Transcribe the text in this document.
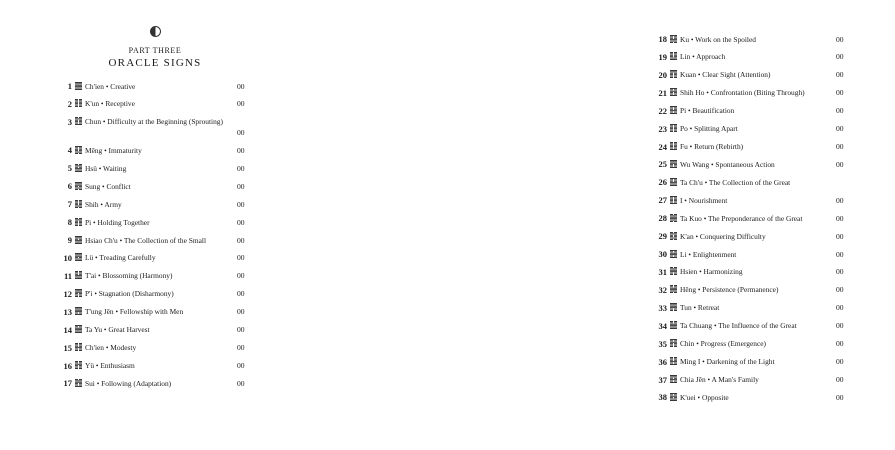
PART THREE
ORACLE SIGNS
1 Ch'ien • Creative	00
2 K'un • Receptive	00
3 Chun • Difficulty at the Beginning (Sprouting)
00
4 Mêng • Immaturity	00
5 Hsü • Waiting	00
6 Sung • Conflict	00
7 Shih • Army	00
8 Pi • Holding Together	00
9 Hsiao Ch'u • The Collection of the Small	00
10 Lü • Treading Carefully	00
11 T'ai • Blossoming (Harmony)	00
12 P'i • Stagnation (Disharmony)	00
13 T'ung Jên • Fellowship with Men	00
14 Ta Yu • Great Harvest	00
15 Ch'ien • Modesty	00
16 Yü • Enthusiasm	00
17 Sui • Following (Adaptation)	00
18 Ku • Work on the Spoiled	00
19 Lin • Approach	00
20 Kuan • Clear Sight (Attention)	00
21 Shih Ho • Confrontation (Biting Through)	00
22 Pi • Beautification	00
23 Po • Splitting Apart	00
24 Fu • Return (Rebirth)	00
25 Wu Wang • Spontaneous Action	00
26 Ta Ch'u • The Collection of the Great
27 I • Nourishment	00
28 Ta Kuo • The Preponderance of the Great	00
29 K'an • Conquering Difficulty	00
30 Li • Enlightenment	00
31 Hsien • Harmonizing	00
32 Hêng • Persistence (Permanence)	00
33 Tun • Retreat	00
34 Ta Chuang • The Influence of the Great	00
35 Chin • Progress (Emergence)	00
36 Ming I • Darkening of the Light	00
37 Chia Jên • A Man's Family	00
38 K'uei • Opposite	00
